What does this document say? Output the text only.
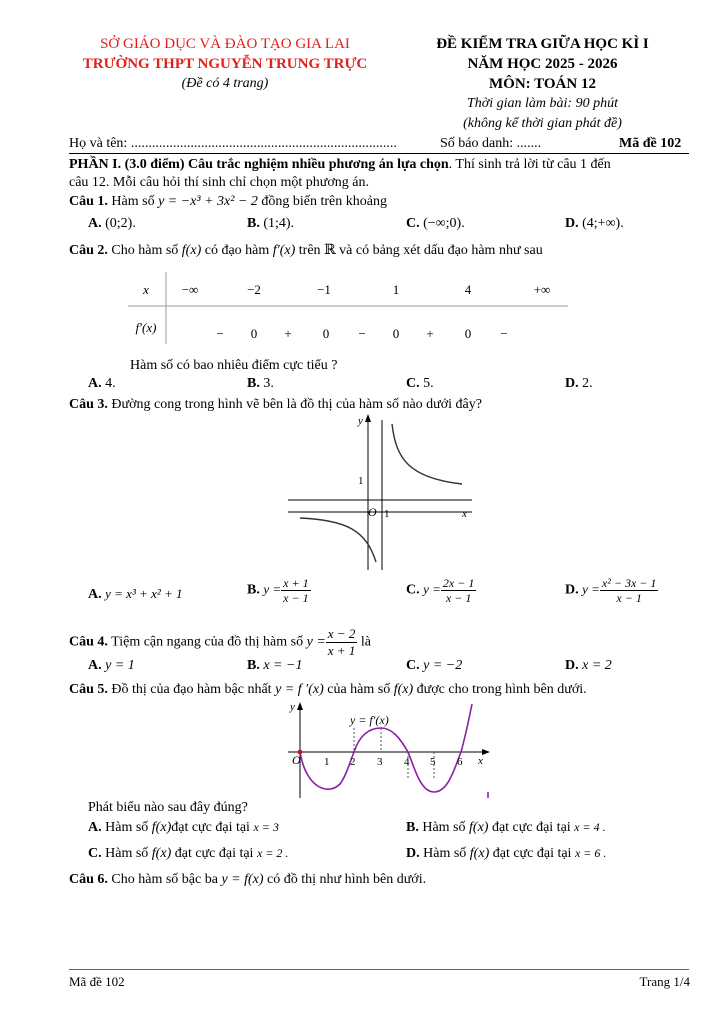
SỞ GIÁO DỤC VÀ ĐÀO TẠO GIA LAI
TRƯỜNG THPT NGUYỄN TRUNG TRỰC
(Đề có 4 trang)
ĐỀ KIỂM TRA GIỮA HỌC KÌ I
NĂM HỌC 2025 - 2026
MÔN: TOÁN 12
Thời gian làm bài: 90 phút
(không kể thời gian phát đề)
Họ và tên: ............................................................................	Số báo danh: .......	Mã đề 102
PHẦN I. (3.0 điểm) Câu trắc nghiệm nhiều phương án lựa chọn. Thí sinh trả lời từ câu 1 đến
câu 12. Mỗi câu hỏi thí sinh chỉ chọn một phương án.
Câu 1. Hàm số y = −x³ + 3x² − 2 đồng biến trên khoảng
A. (0;2).	B. (1;4).	C. (−∞;0).	D. (4;+∞).
Câu 2. Cho hàm số f(x) có đạo hàm f′(x) trên ℝ và có bảng xét dấu đạo hàm như sau
x	−∞	−2	−1	1	4	+∞
f′(x)	− 0 + 0 − 0 + 0 −
Hàm số có bao nhiêu điểm cực tiểu ?
A. 4.	B. 3.	C. 5.	D. 2.
Câu 3. Đường cong trong hình vẽ bên là đồ thị của hàm số nào dưới đây?
y
x
1
O 1
A. y = x³ + x² + 1	B. $y = \frac{x + 1}{x - 1}$	C. $y = \frac{2x - 1}{x - 1}$	D. $y = \frac{\text{x² − 3x − 1}}{x - 1}$
Câu 4. Tiệm cận ngang của đồ thị hàm số $y = \frac{x - 2}{x + 1}$ là
A. y = 1	B. x = −1	C. y = −2	D. x = 2
Câu 5. Đồ thị của đạo hàm bậc nhất y = f ′(x) của hàm số f(x) được cho trong hình bên dưới.
y
x
y = f′(x)
O 1 2 3 4 5 6
Phát biểu nào sau đây đúng?
A. Hàm số f(x)đạt cực đại tại x = 3	B. Hàm số f(x) đạt cực đại tại x = 4 .
C. Hàm số f(x) đạt cực đại tại x = 2 .	D. Hàm số f(x) đạt cực đại tại x = 6 .
Câu 6. Cho hàm số bậc ba y = f(x) có đồ thị như hình bên dưới.
Mã đề 102	Trang 1/4
